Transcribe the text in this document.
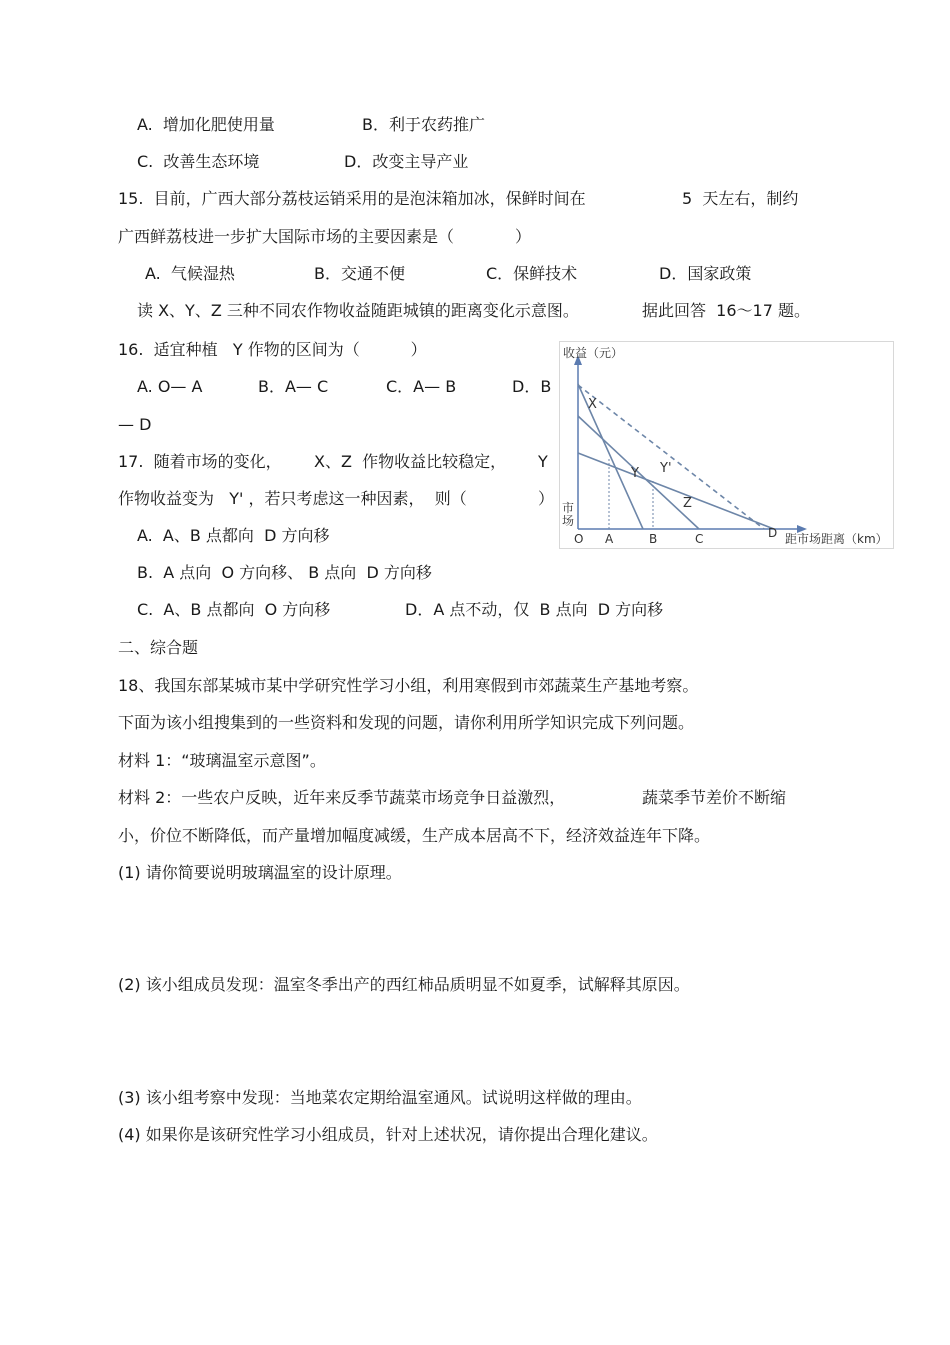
A.  增加化肥使用量	B．利于农药推广
C.  改善生态环境	D．改变主导产业
15.  目前，广西大部分荔枝运销采用的是泡沫箱加冰，保鲜时间在	5  天左右，制约
广西鲜荔枝进一步扩大国际市场的主要因素是（            ）
A.  气候湿热	B．交通不便	C．保鲜技术	D．国家政策
读 X、Y、Z 三种不同农作物收益随距城镇的距离变化示意图。	据此回答  16～17 题。
16.  适宜种植   Y 作物的区间为（          ）
A. O— A	B．A— C	C．A— B	D．B
— D
17.  随着市场的变化， X、Z  作物收益比较稳定， Y
作物收益变为   Y' ，若只考虑这一种因素，  则（	）
A.  A、B 点都向  D 方向移
B.  A 点向  O 方向移、 B 点向  D 方向移
C.  A、B 点都向  O 方向移	D．A 点不动，仅  B 点向  D 方向移
收益（元）
距市场距离（km）
市
场
O A	B	C	D
X
Y Y'
Z
二、综合题
18、我国东部某城市某中学研究性学习小组，利用寒假到市郊蔬菜生产基地考察。
下面为该小组搜集到的一些资料和发现的问题，请你利用所学知识完成下列问题。
材料 1：“玻璃温室示意图”。
材料 2：一些农户反映，近年来反季节蔬菜市场竞争日益激烈，	蔬菜季节差价不断缩
小，价位不断降低，而产量增加幅度减缓，生产成本居高不下，经济效益连年下降。
(1) 请你简要说明玻璃温室的设计原理。
(2) 该小组成员发现：温室冬季出产的西红柿品质明显不如夏季，试解释其原因。
(3) 该小组考察中发现：当地菜农定期给温室通风。试说明这样做的理由。
(4) 如果你是该研究性学习小组成员，针对上述状况，请你提出合理化建议。
